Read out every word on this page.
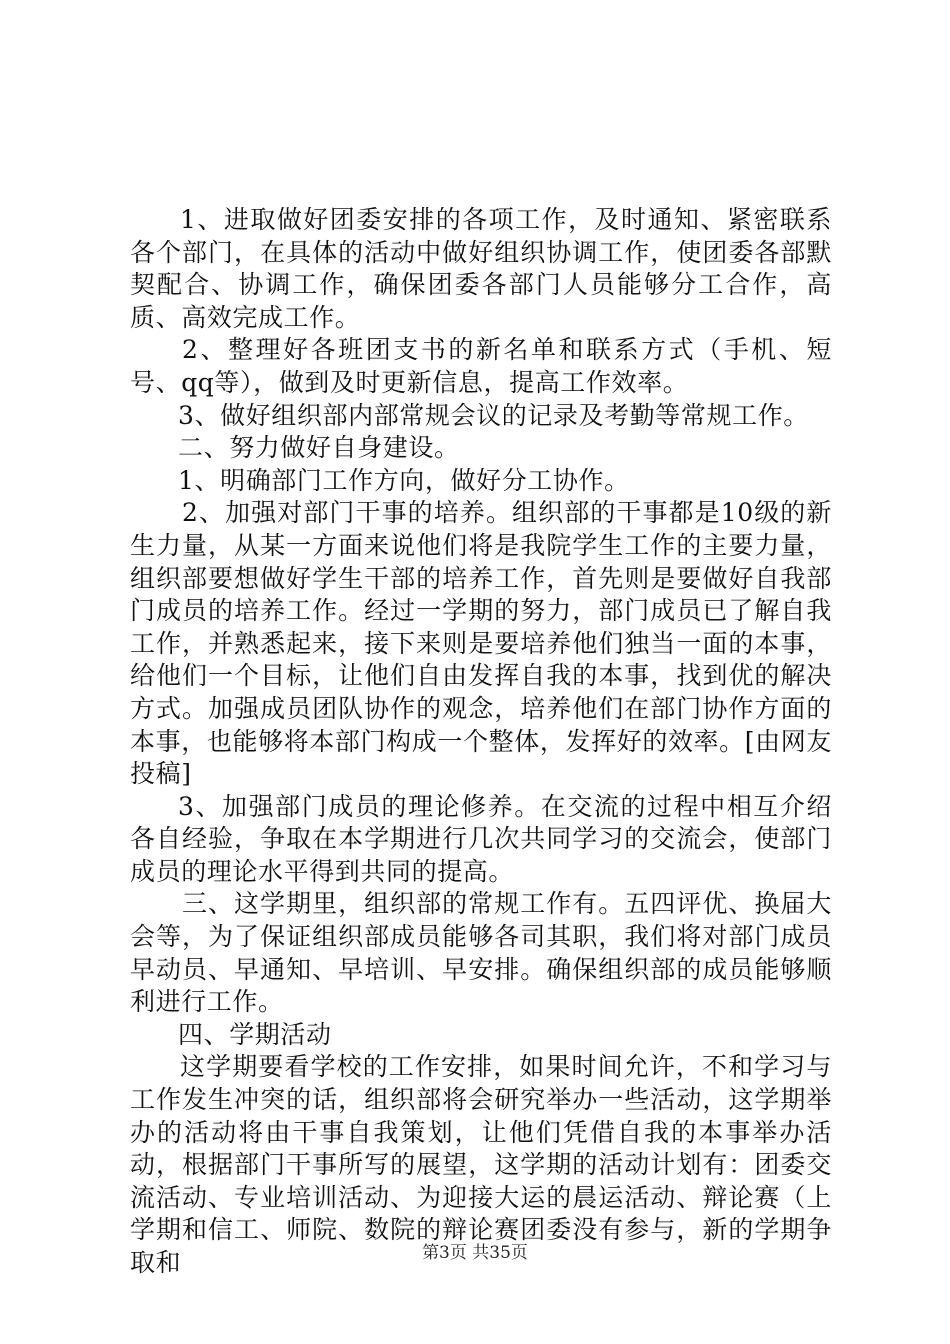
1、进取做好团委安排的各项工作，及时通知、紧密联系各个部门，在具体的活动中做好组织协调工作，使团委各部默契配合、协调工作，确保团委各部门人员能够分工合作，高质、高效完成工作。

2、整理好各班团支书的新名单和联系方式（手机、短号、qq等），做到及时更新信息，提高工作效率。

3、做好组织部内部常规会议的记录及考勤等常规工作。

二、努力做好自身建设。

1、明确部门工作方向，做好分工协作。

2、加强对部门干事的培养。组织部的干事都是10级的新生力量，从某一方面来说他们将是我院学生工作的主要力量，组织部要想做好学生干部的培养工作，首先则是要做好自我部门成员的培养工作。经过一学期的努力，部门成员已了解自我工作，并熟悉起来，接下来则是要培养他们独当一面的本事，给他们一个目标，让他们自由发挥自我的本事，找到优的解决方式。加强成员团队协作的观念，培养他们在部门协作方面的本事，也能够将本部门构成一个整体，发挥好的效率。[由网友投稿]

3、加强部门成员的理论修养。在交流的过程中相互介绍各自经验，争取在本学期进行几次共同学习的交流会，使部门成员的理论水平得到共同的提高。

三、这学期里，组织部的常规工作有。五四评优、换届大会等，为了保证组织部成员能够各司其职，我们将对部门成员早动员、早通知、早培训、早安排。确保组织部的成员能够顺利进行工作。

四、学期活动

这学期要看学校的工作安排，如果时间允许，不和学习与工作发生冲突的话，组织部将会研究举办一些活动，这学期举办的活动将由干事自我策划，让他们凭借自我的本事举办活动，根据部门干事所写的展望，这学期的活动计划有：团委交流活动、专业培训活动、为迎接大运的晨运活动、辩论赛（上学期和信工、师院、数院的辩论赛团委没有参与，新的学期争取和	第3页 共35页
